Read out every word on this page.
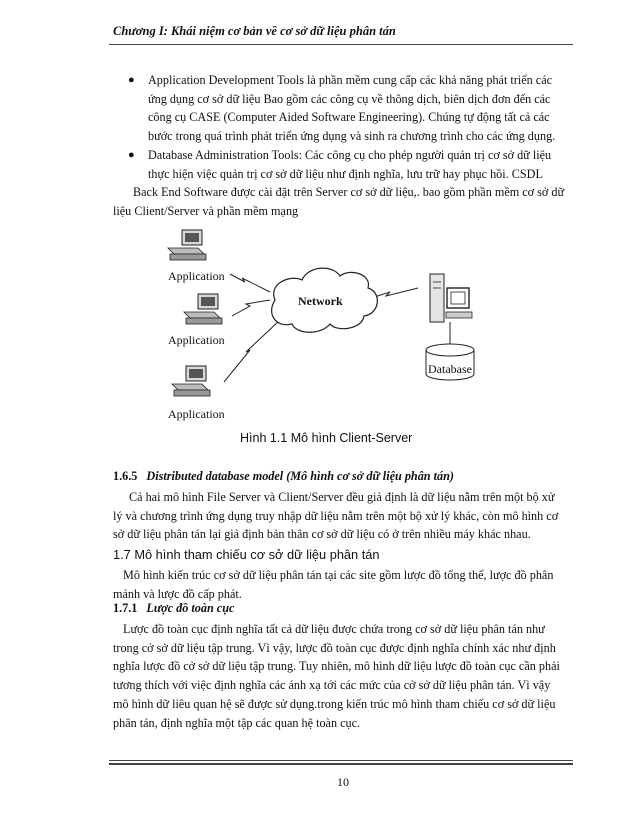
Chương I: Khái niệm cơ bản về cơ sở dữ liệu phân tán
● Application Development Tools là phần mềm cung cấp các khả năng phát triển các
ứng dụng cơ sở dữ liệu Bao gồm các công cụ về thông dịch, biên dịch đơn đến các
công cụ CASE (Computer Aided Software Engineering). Chúng tự động tất cả các
bước trong quá trình phát triển ứng dụng và sinh ra chương trình cho các ứng dụng.
● Database Administration Tools: Các công cụ cho phép người quản trị cơ sở dữ liệu
thực hiện việc quản trị cơ sở dữ liệu như định nghĩa, lưu trữ hay phục hồi. CSDL
Back End Software được cài đặt trên Server cơ sở dữ liệu,. bao gồm phần mềm cơ sở dữ
liệu Client/Server và phần mềm mạng
Application
Application
Application
Network
Database
Hình 1.1 Mô hình Client-Server
1.6.5 Distributed database model (Mô hình cơ sở dữ liệu phân tán)
Cả hai mô hình File Server và Client/Server đều giả định là dữ liệu nằm trên một bộ xử
lý và chương trình ứng dụng truy nhập dữ liệu nằm trên một bộ xử lý khác, còn mô hình cơ
sở dữ liệu phân tán lại giả định bản thân cơ sở dữ liệu có ở trên nhiều máy khác nhau.
1.7 Mô hình tham chiếu cơ sở dữ liệu phân tán
Mô hình kiến trúc cơ sở dữ liệu phân tán tại các site gồm lược đồ tổng thể, lược đồ phân
mảnh và lược đồ cấp phát.
1.7.1 Lược đồ toàn cục
Lược đồ toàn cục định nghĩa tất cả dữ liệu được chứa trong cơ sở dữ liệu phân tán như
trong cở sở dữ liệu tập trung. Vì vậy, lược đồ toàn cục được định nghĩa chính xác như định
nghĩa lược đồ cở sở dữ liệu tập trung. Tuy nhiên, mô hình dữ liệu lược đồ toàn cục cần phải
tương thích với việc định nghĩa các ánh xạ tới các mức của cở sở dữ liệu phân tán. Vì vậy
mô hình dữ liêu quan hệ sẽ được sử dụng.trong kiến trúc mô hình tham chiếu cơ sở dữ liệu
phân tán, định nghĩa một tập các quan hệ toàn cục.
10
